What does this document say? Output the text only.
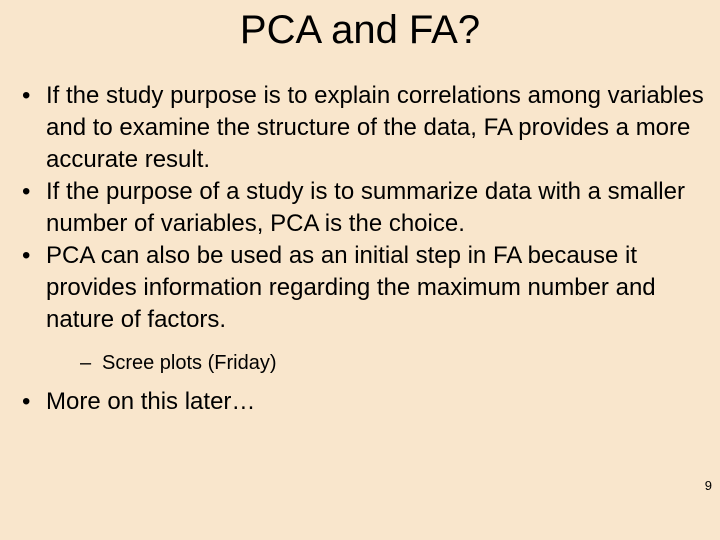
PCA and FA?
• If the study purpose is to explain correlations among variables and to examine the structure of the data, FA provides a more accurate result.
• If the purpose of a study is to summarize data with a smaller number of variables, PCA is the choice.
• PCA can also be used as an initial step in FA because it provides information regarding the maximum number and nature of factors.
– Scree plots (Friday)
• More on this later…
9
